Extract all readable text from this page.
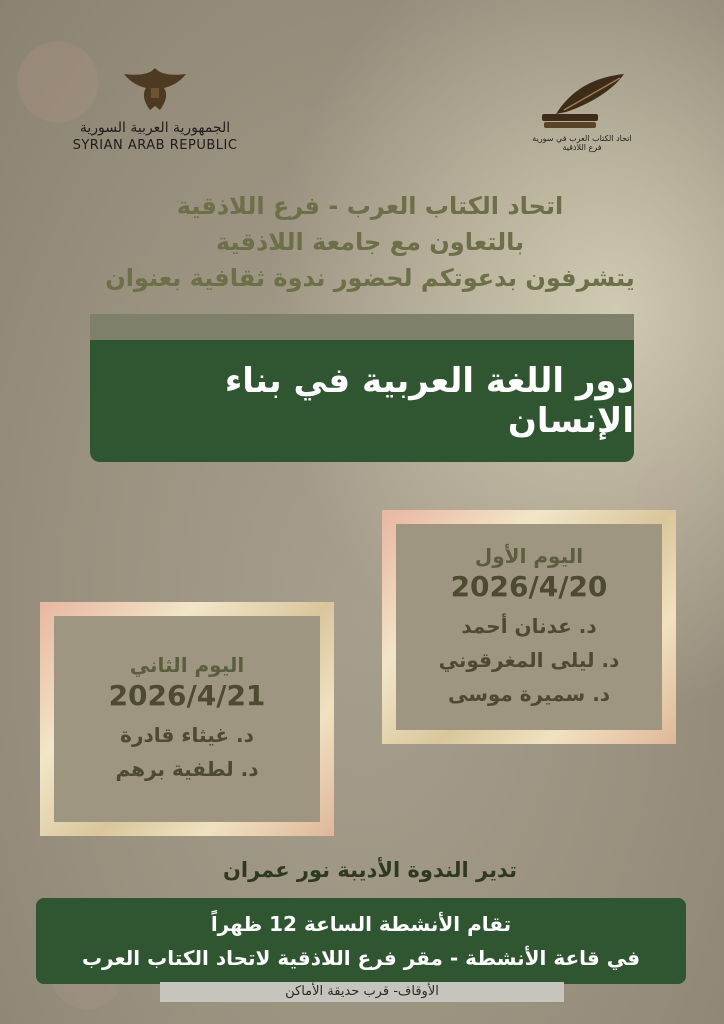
الجمهورية العربية السورية
SYRIAN ARAB REPUBLIC	اتحاد الكتاب العرب في سورية
فرع اللاذقية
اتحاد الكتاب العرب - فرع اللاذقية
بالتعاون مع جامعة اللاذقية
يتشرفون بدعوتكم لحضور ندوة ثقافية بعنوان
دور اللغة العربية في بناء الإنسان
اليوم الأول
2026/4/20
د. عدنان أحمد
د. ليلى المغرقوني
د. سميرة موسى
اليوم الثاني
2026/4/21
د. غيثاء قادرة
د. لطفية برهم
تدير الندوة الأديبة نور عمران
تقام الأنشطة الساعة 12 ظهراً
في قاعة الأنشطة - مقر فرع اللاذقية لاتحاد الكتاب العرب
الأوقاف- قرب حديقة الأماكن
